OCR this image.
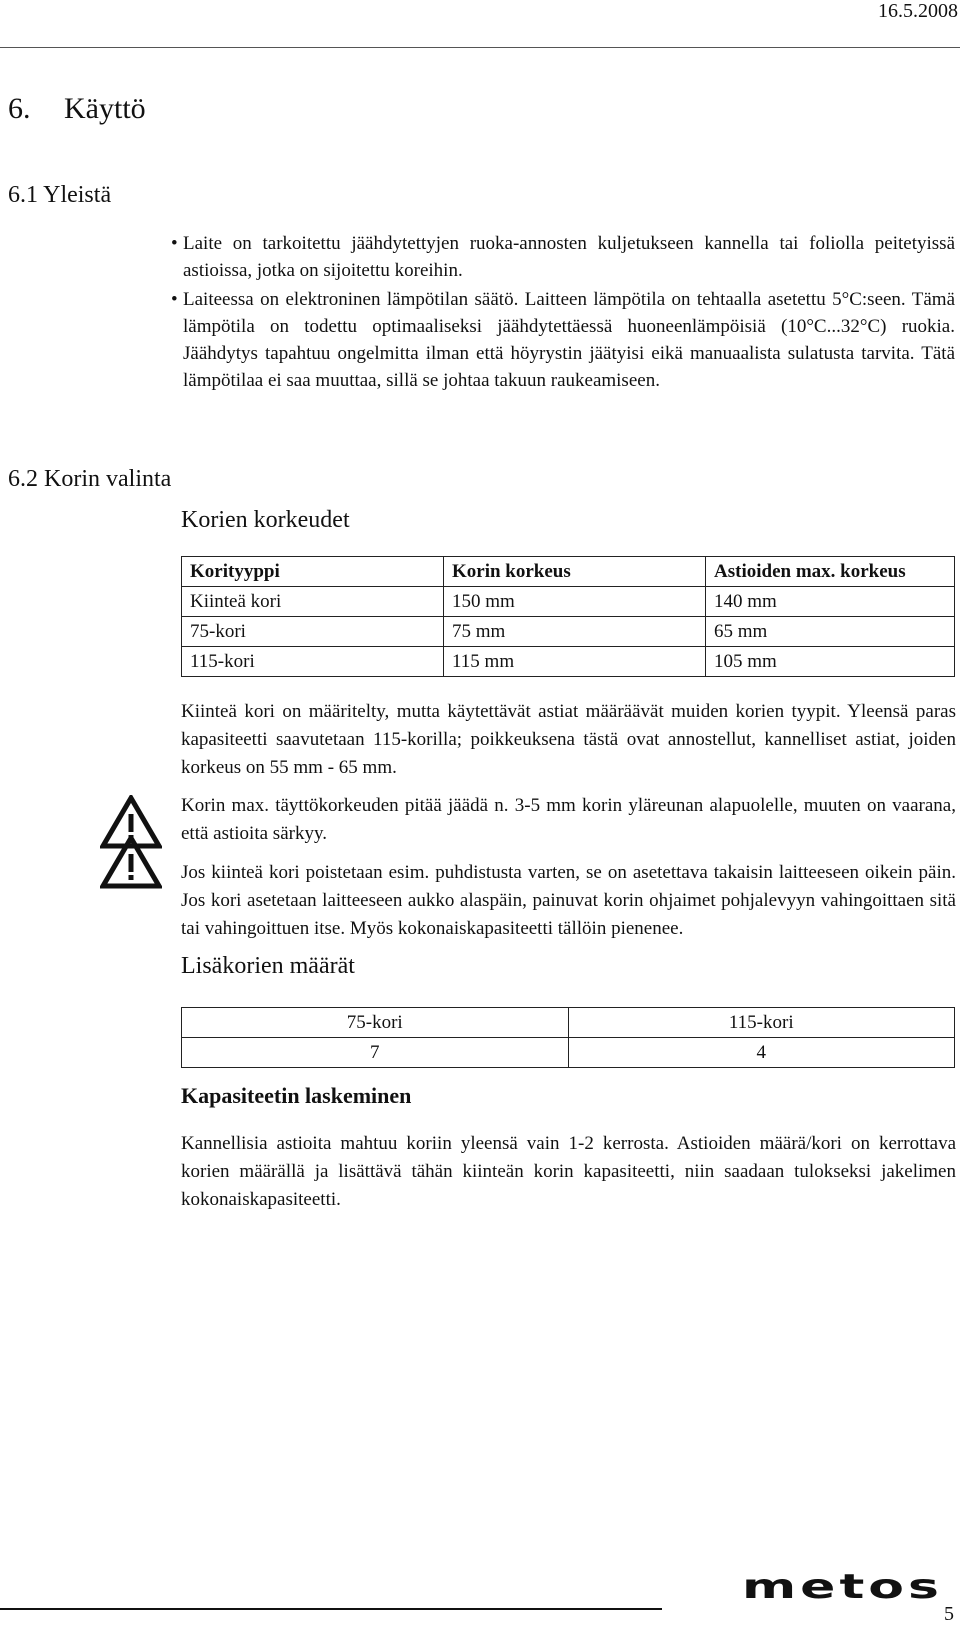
16.5.2008
6. Käyttö
6.1 Yleistä
• Laite on tarkoitettu jäähdytettyjen ruoka-annosten kuljetukseen kannella tai foliolla peitetyissä astioissa, jotka on sijoitettu koreihin.
• Laiteessa on elektroninen lämpötilan säätö. Laitteen lämpötila on tehtaalla asetettu 5°C:seen. Tämä lämpötila on todettu optimaaliseksi jäähdytettäessä huoneenlämpöisiä (10°C...32°C) ruokia. Jäähdytys tapahtuu ongelmitta ilman että höyrystin jäätyisi eikä manuaalista sulatusta tarvita. Tätä lämpötilaa ei saa muuttaa, sillä se johtaa takuun raukeamiseen.
6.2 Korin valinta
Korien korkeudet
Korityyppi	Korin korkeus	Astioiden max. korkeus
Kiinteä kori	150 mm	140 mm
75-kori	75 mm	65 mm
115-kori	115 mm	105 mm

Kiinteä kori on määritelty, mutta käytettävät astiat määräävät muiden korien tyypit. Yleensä paras kapasiteetti saavutetaan 115-korilla; poikkeuksena tästä ovat annostellut, kannelliset astiat, joiden korkeus on 55 mm - 65 mm.

Korin max. täyttökorkeuden pitää jäädä n. 3-5 mm korin yläreunan alapuolelle, muuten on vaarana, että astioita särkyy.

Jos kiinteä kori poistetaan esim. puhdistusta varten, se on asetettava takaisin laitteeseen oikein päin. Jos kori asetetaan laitteeseen aukko alaspäin, painuvat korin ohjaimet pohjalevyyn vahingoittaen sitä tai vahingoittuen itse. Myös kokonaiskapasiteetti tällöin pienenee.

Lisäkorien määrät
75-kori	115-kori
7	4
Kapasiteetin laskeminen

Kannellisia astioita mahtuu koriin yleensä vain 1-2 kerrosta. Astioiden määrä/kori on kerrottava korien määrällä ja lisättävä tähän kiinteän korin kapasiteetti, niin saadaan tulokseksi jakelimen kokonaiskapasiteetti.

metos
5
